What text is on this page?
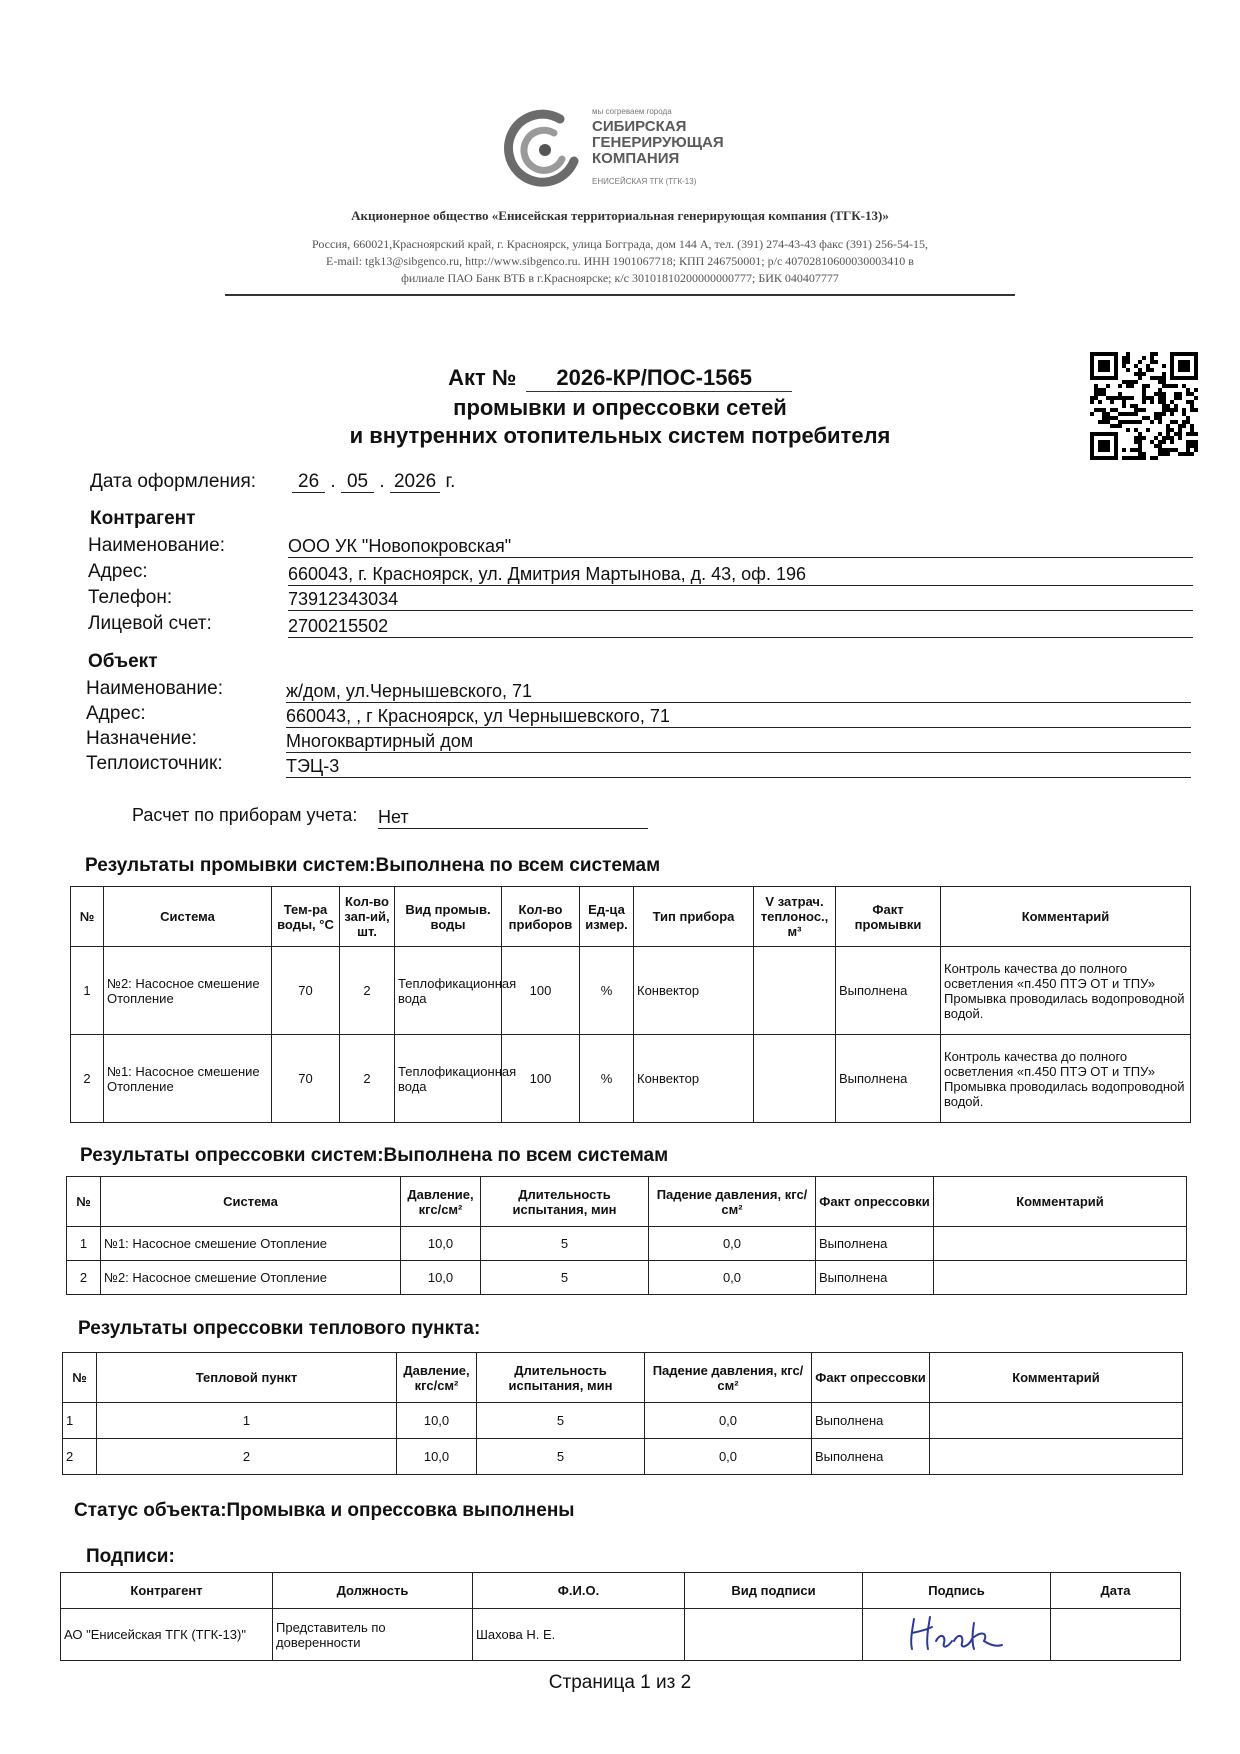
мы согреваем города
СИБИРСКАЯ
ГЕНЕРИРУЮЩАЯ
КОМПАНИЯ
ЕНИСЕЙСКАЯ ТГК (ТГК-13)
Акционерное общество «Енисейская территориальная генерирующая компания (ТГК-13)»
Россия, 660021,Красноярский край, г. Красноярск, улица Богграда, дом 144 А, тел. (391) 274-43-43 факс (391) 256-54-15,
E-mail: tgk13@sibgenco.ru, http://www.sibgenco.ru. ИНН 1901067718; КПП 246750001; р/с 40702810600030003410 в
филиале ПАО Банк ВТБ в г.Красноярске; к/с 30101810200000000777; БИК 040407777
Акт № 2026-КР/ПОС-1565
промывки и опрессовки сетей
и внутренних отопительных систем потребителя
Дата оформления:	26 . 05 . 2026 г.
Контрагент
Наименование:	ООО УК "Новопокровская"
Адрес:	660043, г. Красноярск, ул. Дмитрия Мартынова, д. 43, оф. 196
Телефон:	73912343034
Лицевой счет:	2700215502
Объект
Наименование:	ж/дом, ул.Чернышевского, 71
Адрес:	660043, , г Красноярск, ул Чернышевского, 71
Назначение:	Многоквартирный дом
Теплоисточник:	ТЭЦ-3
Расчет по приборам учета: Нет
Результаты промывки систем:Выполнена по всем системам
№	Система	Тем-ра воды, °С	Кол-во зап-ий, шт.	Вид промыв. воды	Кол-во приборов	Ед-ца измер.	Тип прибора	V затрач. теплонос., м³	Факт промывки	Комментарий
1	№2: Насосное смешение Отопление	70	2	Теплофикационная вода	100	%	Конвектор		Выполнена	Контроль качества до полного осветления «п.450 ПТЭ ОТ и ТПУ» Промывка проводилась водопроводной водой.
2	№1: Насосное смешение Отопление	70	2	Теплофикационная вода	100	%	Конвектор		Выполнена	Контроль качества до полного осветления «п.450 ПТЭ ОТ и ТПУ» Промывка проводилась водопроводной водой.
Результаты опрессовки систем:Выполнена по всем системам
№	Система	Давление, кгс/см²	Длительность испытания, мин	Падение давления, кгс/см²	Факт опрессовки	Комментарий
1	№1: Насосное смешение Отопление	10,0	5	0,0	Выполнена	
2	№2: Насосное смешение Отопление	10,0	5	0,0	Выполнена	
Результаты опрессовки теплового пункта:
№	Тепловой пункт	Давление, кгс/см²	Длительность испытания, мин	Падение давления, кгс/см²	Факт опрессовки	Комментарий
1	1	10,0	5	0,0	Выполнена	
2	2	10,0	5	0,0	Выполнена	
Статус объекта:Промывка и опрессовка выполнены
Подписи:
Контрагент	Должность	Ф.И.О.	Вид подписи	Подпись	Дата
АО "Енисейская ТГК (ТГК-13)"	Представитель по доверенности	Шахова Н. Е.			
Страница 1 из 2
